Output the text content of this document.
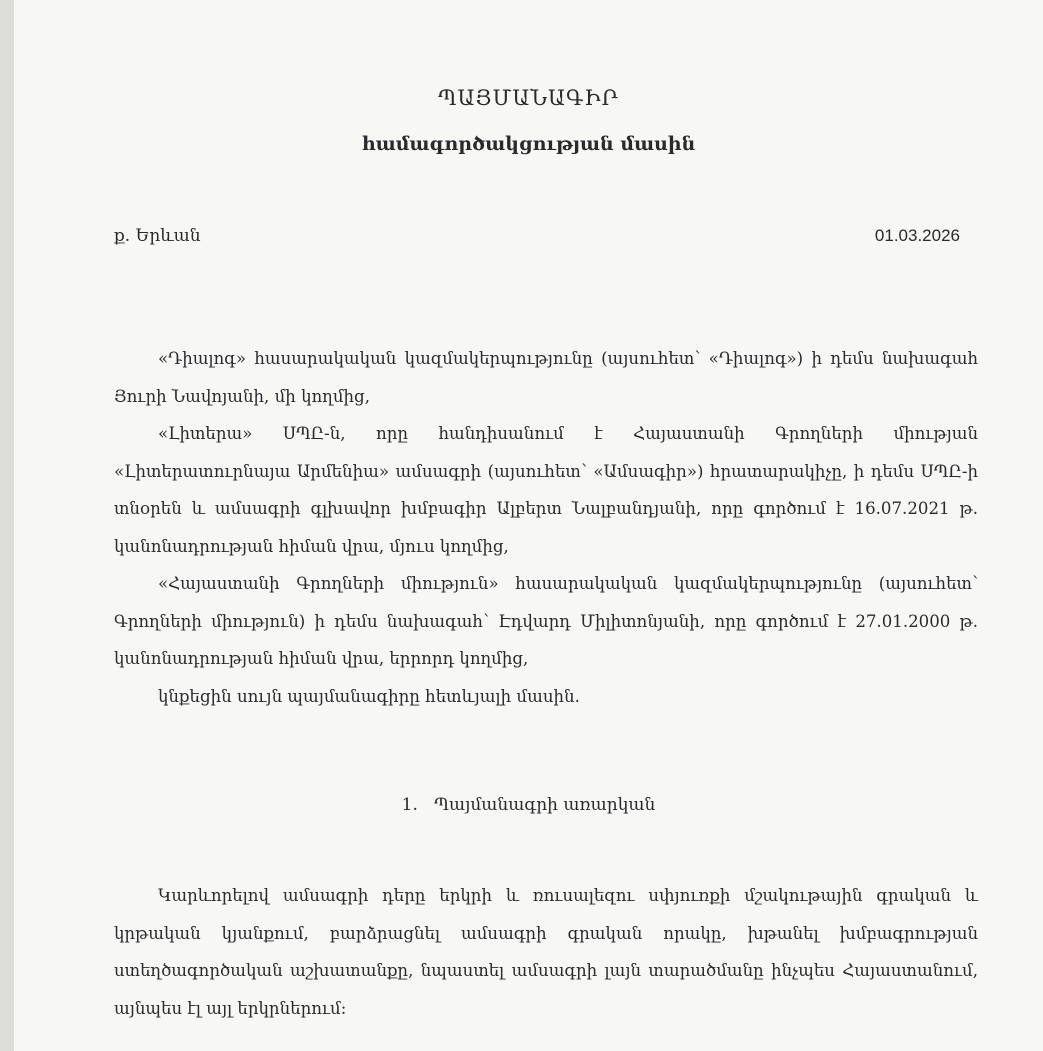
ՊԱՅՄԱՆԱԳԻՐ
համագործակցության մասին
ք. Երևան	01.03.2026

«Դիալոգ» հասարակական կազմակերպությունը (այսուհետ՝ «Դիալոգ») ի դեմս նախագահ Յուրի Նավոյանի, մի կողմից,

«Լիտերա» ՍՊԸ-ն, որը հանդիսանում է Հայաստանի Գրողների միության «Լիտերատուրնայա Արմենիա» ամսագրի (այսուհետ՝ «Ամսագիր») հրատարակիչը, ի դեմս ՍՊԸ-ի տնօրեն և ամսագրի գլխավոր խմբագիր Ալբերտ Նալբանդյանի, որը գործում է 16.07.2021 թ. կանոնադրության հիման վրա, մյուս կողմից,

«Հայաստանի Գրողների միություն» հասարակական կազմակերպությունը (այսուհետ՝ Գրողների միություն) ի դեմս նախագահ՝ Էդվարդ Միլիտոնյանի, որը գործում է 27.01.2000 թ. կանոնադրության հիման վրա, երրորդ կողմից,

կնքեցին սույն պայմանագիրը հետևյալի մասին.

1. Պայմանագրի առարկան

Կարևորելով ամսագրի դերը երկրի և ռուսալեզու սփյուռքի մշակութային գրական և կրթական կյանքում, բարձրացնել ամսագրի գրական որակը, խթանել խմբագրության ստեղծագործական աշխատանքը, նպաստել ամսագրի լայն տարածմանը ինչպես Հայաստանում, այնպես էլ այլ երկրներում:
